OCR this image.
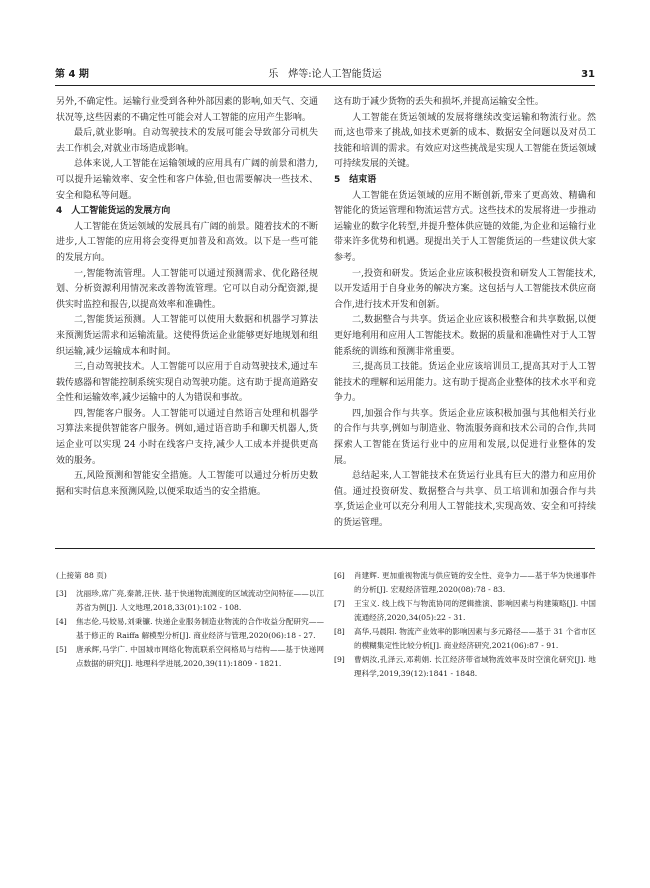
第 4 期	乐　烨等:论人工智能货运	31

另外,不确定性。运输行业受到各种外部因素的影响,如天气、交通状况等,这些因素的不确定性可能会对人工智能的应用产生影响。

最后,就业影响。自动驾驶技术的发展可能会导致部分司机失去工作机会,对就业市场造成影响。

总体来说,人工智能在运输领域的应用具有广阔的前景和潜力,可以提升运输效率、安全性和客户体验,但也需要解决一些技术、安全和隐私等问题。

4　人工智能货运的发展方向

人工智能在货运领域的发展具有广阔的前景。随着技术的不断进步,人工智能的应用将会变得更加普及和高效。以下是一些可能的发展方向。

一,智能物流管理。人工智能可以通过预测需求、优化路径规划、分析资源利用情况来改善物流管理。它可以自动分配资源,提供实时监控和报告,以提高效率和准确性。

二,智能货运预测。人工智能可以使用大数据和机器学习算法来预测货运需求和运输流量。这使得货运企业能够更好地规划和组织运输,减少运输成本和时间。

三,自动驾驶技术。人工智能可以应用于自动驾驶技术,通过车载传感器和智能控制系统实现自动驾驶功能。这有助于提高道路安全性和运输效率,减少运输中的人为错误和事故。

四,智能客户服务。人工智能可以通过自然语言处理和机器学习算法来提供智能客户服务。例如,通过语音助手和聊天机器人,货运企业可以实现 24 小时在线客户支持,减少人工成本并提供更高效的服务。

五,风险预测和智能安全措施。人工智能可以通过分析历史数据和实时信息来预测风险,以便采取适当的安全措施。

这有助于减少货物的丢失和损坏,并提高运输安全性。

人工智能在货运领域的发展将继续改变运输和物流行业。然而,这也带来了挑战,如技术更新的成本、数据安全问题以及对员工技能和培训的需求。有效应对这些挑战是实现人工智能在货运领域可持续发展的关键。

5　结束语

人工智能在货运领域的应用不断创新,带来了更高效、精确和智能化的货运管理和物流运营方式。这些技术的发展将进一步推动运输业的数字化转型,并提升整体供应链的效能,为企业和运输行业带来许多优势和机遇。现提出关于人工智能货运的一些建议供大家参考。

一,投资和研发。货运企业应该积极投资和研发人工智能技术,以开发适用于自身业务的解决方案。这包括与人工智能技术供应商合作,进行技术开发和创新。

二,数据整合与共享。货运企业应该积极整合和共享数据,以便更好地利用和应用人工智能技术。数据的质量和准确性对于人工智能系统的训练和预测非常重要。

三,提高员工技能。货运企业应该培训员工,提高其对于人工智能技术的理解和运用能力。这有助于提高企业整体的技术水平和竞争力。

四,加强合作与共享。货运企业应该积极加强与其他相关行业的合作与共享,例如与制造业、物流服务商和技术公司的合作,共同探索人工智能在货运行业中的应用和发展,以促进行业整体的发展。

总结起来,人工智能技术在货运行业具有巨大的潜力和应用价值。通过投资研发、数据整合与共享、员工培训和加强合作与共享,货运企业可以充分利用人工智能技术,实现高效、安全和可持续的货运管理。

(上接第 88 页)

[3] 沈丽珍,席广亮,秦萧,汪侠. 基于快递物流测度的区域流动空间特征——以江苏省为例[J]. 人文地理,2018,33(01):102 - 108.
[4] 焦志伦,马姣易,刘秉镰. 快递企业服务制造业物流的合作收益分配研究——基于修正的 Raiffa 解模型分析[J]. 商业经济与管理,2020(06):18 - 27.
[5] 唐承辉,马学广. 中国城市网络化物流联系空间格局与结构——基于快递网点数据的研究[J]. 地理科学进展,2020,39(11):1809 - 1821.
[6] 肖建辉. 更加重视物流与供应链的安全性、竞争力——基于华为快递事件的分析[J]. 宏观经济管理,2020(08):78 - 83.
[7] 王宝义. 线上线下与物流协同的逻辑推演、影响因素与构建策略[J]. 中国流通经济,2020,34(05):22 - 31.
[8] 高华,马晨阳. 物流产业效率的影响因素与多元路径——基于 31 个省市区的模糊集定性比较分析[J]. 商业经济研究,2021(06):87 - 91.
[9] 曹炳汝,孔泽云,邓莉娟. 长江经济带省域物流效率及时空演化研究[J]. 地理科学,2019,39(12):1841 - 1848.
